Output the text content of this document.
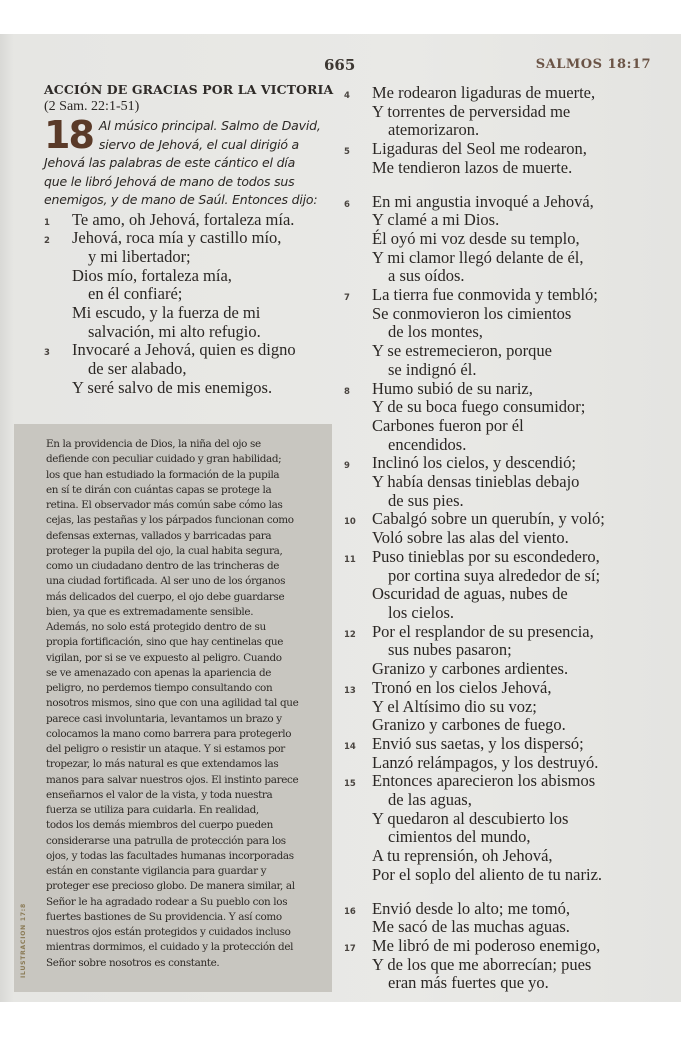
665	SALMOS 18:17
ACCIÓN DE GRACIAS POR LA VICTORIA
(2 Sam. 22:1-51)
18 Al músico principal. Salmo de David,
siervo de Jehová, el cual dirigió a
Jehová las palabras de este cántico el día
que le libró Jehová de mano de todos sus
enemigos, y de mano de Saúl. Entonces dijo:
1	Te amo, oh Jehová, fortaleza mía.
2	Jehová, roca mía y castillo mío,
y mi libertador;
Dios mío, fortaleza mía,
en él confiaré;
Mi escudo, y la fuerza de mi
salvación, mi alto refugio.
3	Invocaré a Jehová, quien es digno
de ser alabado,
Y seré salvo de mis enemigos.
ILUSTRACIÓN 17:8
En la providencia de Dios, la niña del ojo se
defiende con peculiar cuidado y gran habilidad;
los que han estudiado la formación de la pupila
en sí te dirán con cuántas capas se protege la
retina. El observador más común sabe cómo las
cejas, las pestañas y los párpados funcionan como
defensas externas, vallados y barricadas para
proteger la pupila del ojo, la cual habita segura,
como un ciudadano dentro de las trincheras de
una ciudad fortificada. Al ser uno de los órganos
más delicados del cuerpo, el ojo debe guardarse
bien, ya que es extremadamente sensible.
Además, no solo está protegido dentro de su
propia fortificación, sino que hay centinelas que
vigilan, por si se ve expuesto al peligro. Cuando
se ve amenazado con apenas la apariencia de
peligro, no perdemos tiempo consultando con
nosotros mismos, sino que con una agilidad tal que
parece casi involuntaria, levantamos un brazo y
colocamos la mano como barrera para protegerlo
del peligro o resistir un ataque. Y si estamos por
tropezar, lo más natural es que extendamos las
manos para salvar nuestros ojos. El instinto parece
enseñarnos el valor de la vista, y toda nuestra
fuerza se utiliza para cuidarla. En realidad,
todos los demás miembros del cuerpo pueden
considerarse una patrulla de protección para los
ojos, y todas las facultades humanas incorporadas
están en constante vigilancia para guardar y
proteger ese precioso globo. De manera similar, al
Señor le ha agradado rodear a Su pueblo con los
fuertes bastiones de Su providencia. Y así como
nuestros ojos están protegidos y cuidados incluso
mientras dormimos, el cuidado y la protección del
Señor sobre nosotros es constante.
4	Me rodearon ligaduras de muerte,
Y torrentes de perversidad me
atemorizaron.
5	Ligaduras del Seol me rodearon,
Me tendieron lazos de muerte.
6	En mi angustia invoqué a Jehová,
Y clamé a mi Dios.
Él oyó mi voz desde su templo,
Y mi clamor llegó delante de él,
a sus oídos.
7	La tierra fue conmovida y tembló;
Se conmovieron los cimientos
de los montes,
Y se estremecieron, porque
se indignó él.
8	Humo subió de su nariz,
Y de su boca fuego consumidor;
Carbones fueron por él
encendidos.
9	Inclinó los cielos, y descendió;
Y había densas tinieblas debajo
de sus pies.
10 Cabalgó sobre un querubín, y voló;
Voló sobre las alas del viento.
11 Puso tinieblas por su escondedero,
por cortina suya alrededor de sí;
Oscuridad de aguas, nubes de
los cielos.
12 Por el resplandor de su presencia,
sus nubes pasaron;
Granizo y carbones ardientes.
13 Tronó en los cielos Jehová,
Y el Altísimo dio su voz;
Granizo y carbones de fuego.
14 Envió sus saetas, y los dispersó;
Lanzó relámpagos, y los destruyó.
15 Entonces aparecieron los abismos
de las aguas,
Y quedaron al descubierto los
cimientos del mundo,
A tu reprensión, oh Jehová,
Por el soplo del aliento de tu nariz.
16 Envió desde lo alto; me tomó,
Me sacó de las muchas aguas.
17 Me libró de mi poderoso enemigo,
Y de los que me aborrecían; pues
eran más fuertes que yo.
